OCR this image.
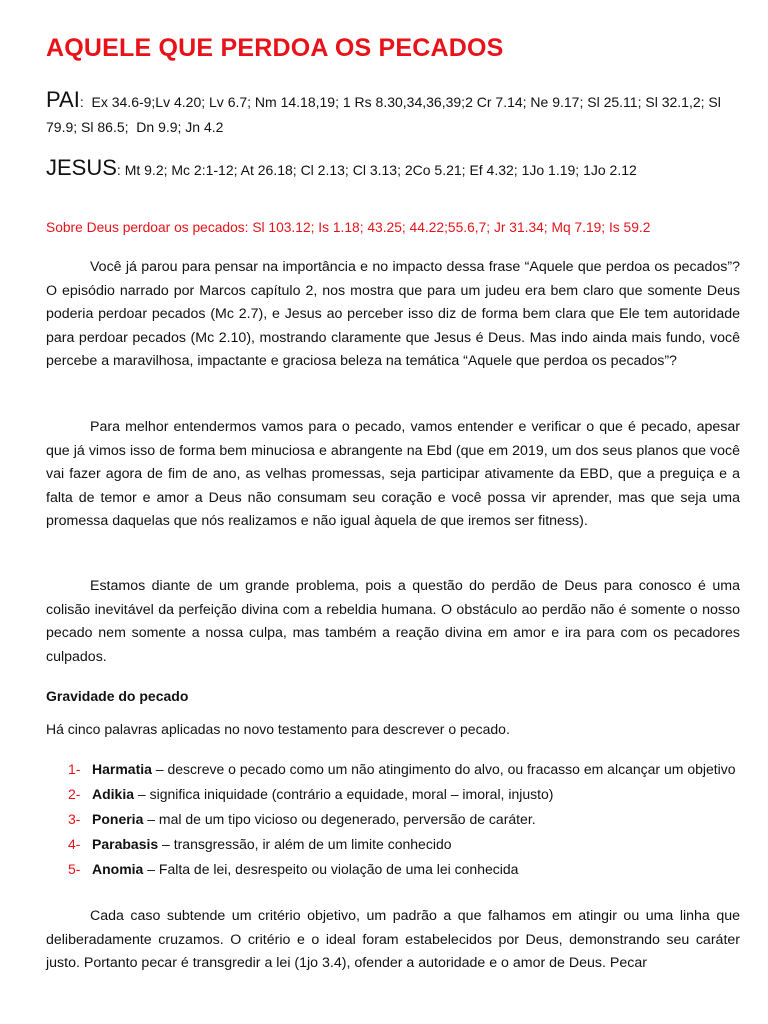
AQUELE QUE PERDOA OS PECADOS

PAI:  Ex 34.6-9;Lv 4.20; Lv 6.7; Nm 14.18,19; 1 Rs 8.30,34,36,39;2 Cr 7.14; Ne 9.17; Sl 25.11; Sl 32.1,2; Sl 79.9; Sl 86.5;  Dn 9.9; Jn 4.2

JESUS: Mt 9.2; Mc 2:1-12; At 26.18; Cl 2.13; Cl 3.13; 2Co 5.21; Ef 4.32; 1Jo 1.19; 1Jo 2.12

Sobre Deus perdoar os pecados: Sl 103.12; Is 1.18; 43.25; 44.22;55.6,7; Jr 31.34; Mq 7.19; Is 59.2

Você já parou para pensar na importância e no impacto dessa frase “Aquele que perdoa os pecados”? O episódio narrado por Marcos capítulo 2, nos mostra que para um judeu era bem claro que somente Deus poderia perdoar pecados (Mc 2.7), e Jesus ao perceber isso diz de forma bem clara que Ele tem autoridade para perdoar pecados (Mc 2.10), mostrando claramente que Jesus é Deus. Mas indo ainda mais fundo, você percebe a maravilhosa, impactante e graciosa beleza na temática “Aquele que perdoa os pecados”?

Para melhor entendermos vamos para o pecado, vamos entender e verificar o que é pecado, apesar que já vimos isso de forma bem minuciosa e abrangente na Ebd (que em 2019, um dos seus planos que você vai fazer agora de fim de ano, as velhas promessas, seja participar ativamente da EBD, que a preguiça e a falta de temor e amor a Deus não consumam seu coração e você possa vir aprender, mas que seja uma promessa daquelas que nós realizamos e não igual àquela de que iremos ser fitness).

Estamos diante de um grande problema, pois a questão do perdão de Deus para conosco é uma colisão inevitável da perfeição divina com a rebeldia humana. O obstáculo ao perdão não é somente o nosso pecado nem somente a nossa culpa, mas também a reação divina em amor e ira para com os pecadores culpados.

Gravidade do pecado

Há cinco palavras aplicadas no novo testamento para descrever o pecado.

1- Harmatia – descreve o pecado como um não atingimento do alvo, ou fracasso em alcançar um objetivo
2- Adikia – significa iniquidade (contrário a equidade, moral – imoral, injusto)
3- Poneria – mal de um tipo vicioso ou degenerado, perversão de caráter.
4- Parabasis – transgressão, ir além de um limite conhecido
5- Anomia – Falta de lei, desrespeito ou violação de uma lei conhecida

Cada caso subtende um critério objetivo, um padrão a que falhamos em atingir ou uma linha que deliberadamente cruzamos. O critério e o ideal foram estabelecidos por Deus, demonstrando seu caráter justo. Portanto pecar é transgredir a lei (1jo 3.4), ofender a autoridade e o amor de Deus. Pecar
